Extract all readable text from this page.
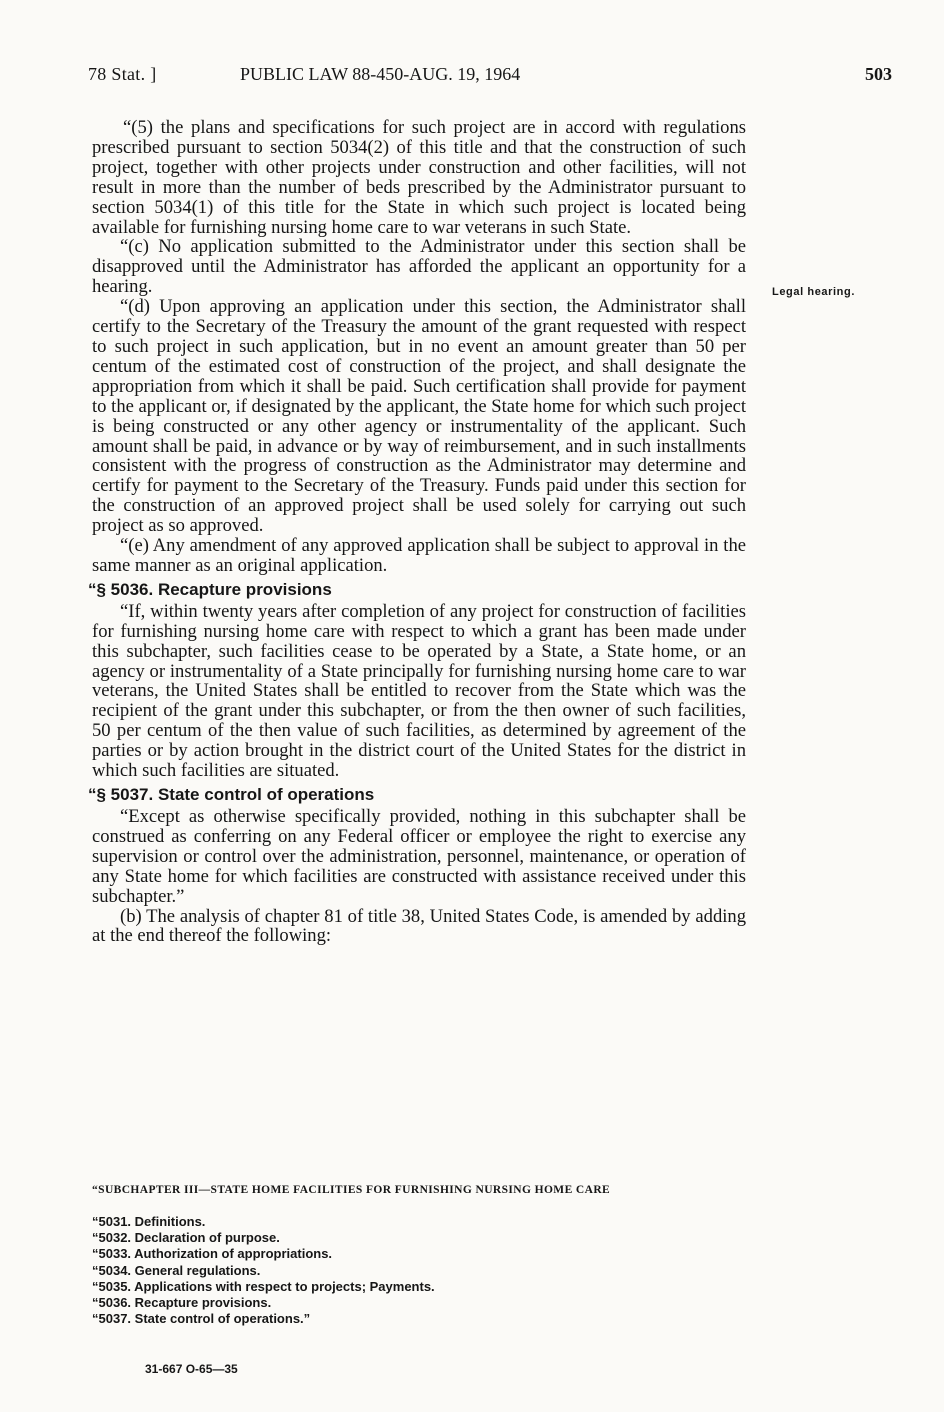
78 Stat. ]	PUBLIC LAW 88-450-AUG. 19, 1964	503
Legal hearing.

“(5) the plans and specifications for such project are in accord with regulations prescribed pursuant to section 5034(2) of this title and that the construction of such project, together with other projects under construction and other facilities, will not result in more than the number of beds prescribed by the Administrator pursuant to section 5034(1) of this title for the State in which such project is located being available for furnishing nursing home care to war veterans in such State.

“(c) No application submitted to the Administrator under this section shall be disapproved until the Administrator has afforded the applicant an opportunity for a hearing.

“(d) Upon approving an application under this section, the Administrator shall certify to the Secretary of the Treasury the amount of the grant requested with respect to such project in such application, but in no event an amount greater than 50 per centum of the estimated cost of construction of the project, and shall designate the appropriation from which it shall be paid. Such certification shall provide for payment to the applicant or, if designated by the applicant, the State home for which such project is being constructed or any other agency or instrumentality of the applicant. Such amount shall be paid, in advance or by way of reimbursement, and in such installments consistent with the progress of construction as the Administrator may determine and certify for payment to the Secretary of the Treasury. Funds paid under this section for the construction of an approved project shall be used solely for carrying out such project as so approved.

“(e) Any amendment of any approved application shall be subject to approval in the same manner as an original application.

“§ 5036. Recapture provisions

“If, within twenty years after completion of any project for construction of facilities for furnishing nursing home care with respect to which a grant has been made under this subchapter, such facilities cease to be operated by a State, a State home, or an agency or instrumentality of a State principally for furnishing nursing home care to war veterans, the United States shall be entitled to recover from the State which was the recipient of the grant under this subchapter, or from the then owner of such facilities, 50 per centum of the then value of such facilities, as determined by agreement of the parties or by action brought in the district court of the United States for the district in which such facilities are situated.

“§ 5037. State control of operations

“Except as otherwise specifically provided, nothing in this subchapter shall be construed as conferring on any Federal officer or employee the right to exercise any supervision or control over the administration, personnel, maintenance, or operation of any State home for which facilities are constructed with assistance received under this subchapter.”

(b) The analysis of chapter 81 of title 38, United States Code, is amended by adding at the end thereof the following:

“SUBCHAPTER III—STATE HOME FACILITIES FOR FURNISHING NURSING HOME CARE
“5031. Definitions.
“5032. Declaration of purpose.
“5033. Authorization of appropriations.
“5034. General regulations.
“5035. Applications with respect to projects; Payments.
“5036. Recapture provisions.
“5037. State control of operations.”
31-667 O-65—35
